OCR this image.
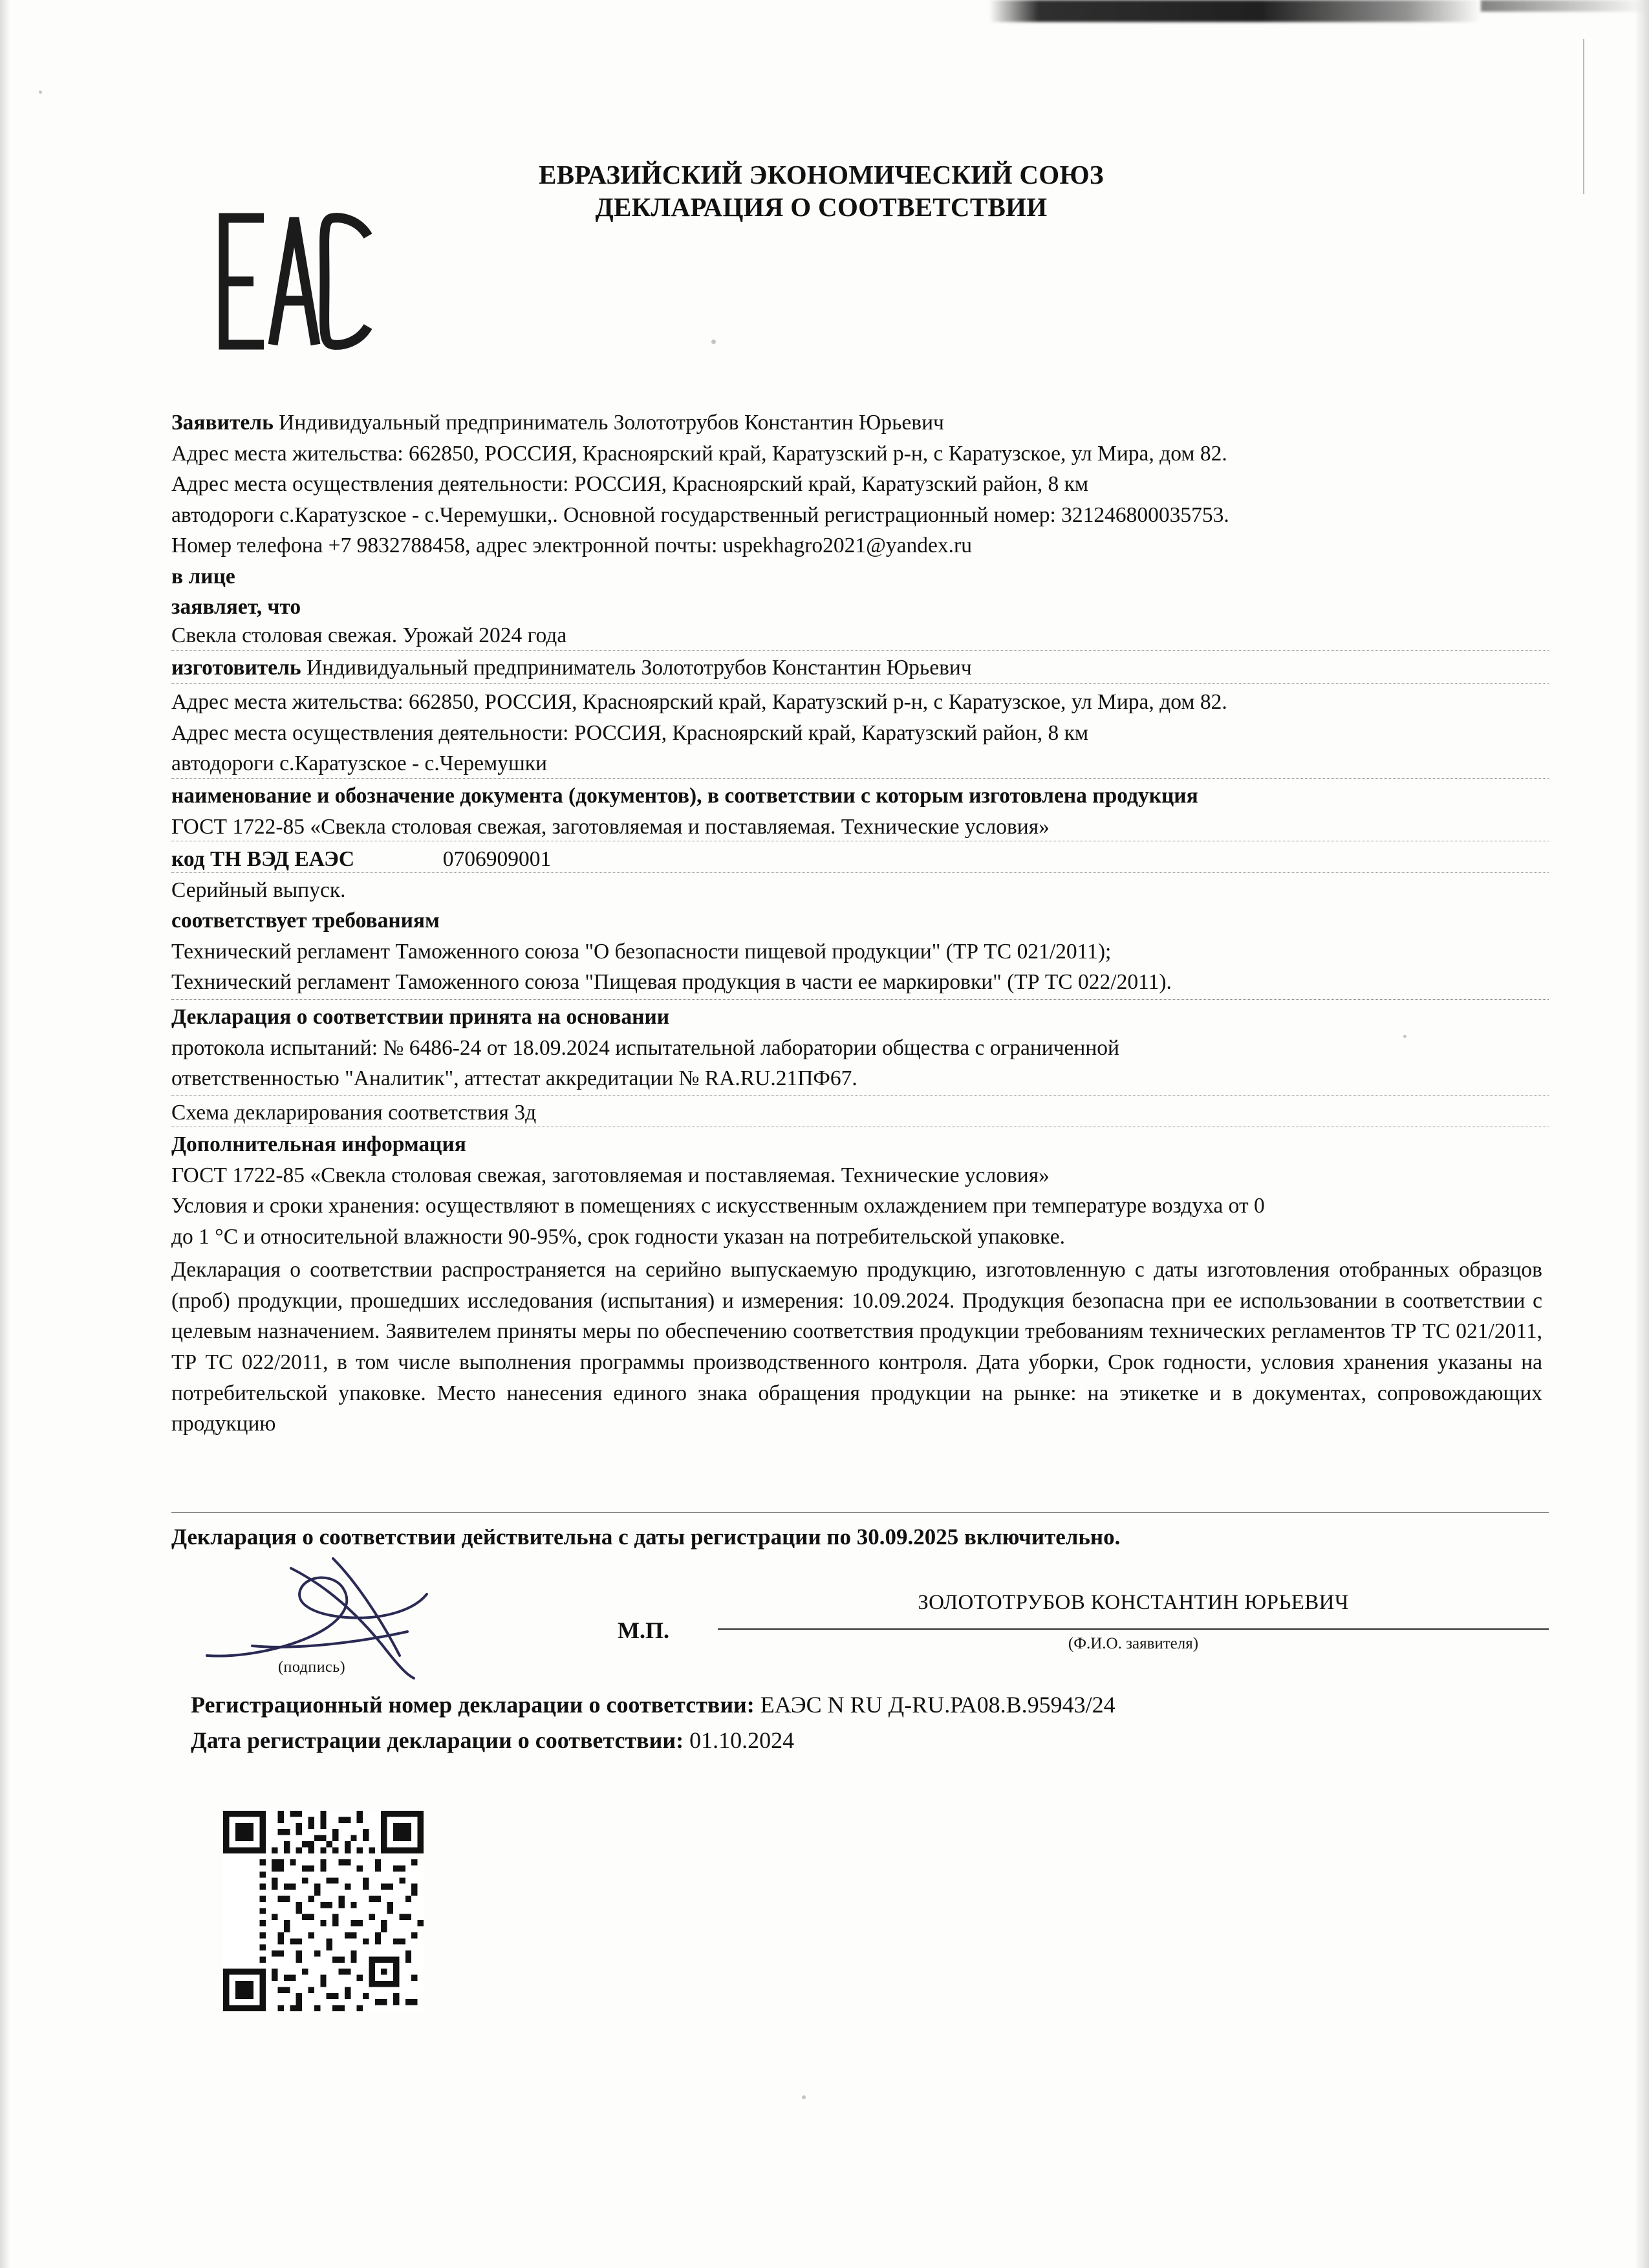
ЕВРАЗИЙСКИЙ ЭКОНОМИЧЕСКИЙ СОЮЗ
ДЕКЛАРАЦИЯ О СООТВЕТСТВИИ
Заявитель Индивидуальный предприниматель Золототрубов Константин Юрьевич
Адрес места жительства: 662850, РОССИЯ, Красноярский край, Каратузский р-н, с Каратузское, ул Мира, дом 82.
Адрес места осуществления деятельности: РОССИЯ, Красноярский край, Каратузский район, 8 км
автодороги с.Каратузское - с.Черемушки,. Основной государственный регистрационный номер: 321246800035753.
Номер телефона +7 9832788458, адрес электронной почты: uspekhagro2021@yandex.ru
в лице
заявляет, что
Свекла столовая свежая. Урожай 2024 года
изготовитель Индивидуальный предприниматель Золототрубов Константин Юрьевич
Адрес места жительства: 662850, РОССИЯ, Красноярский край, Каратузский р-н, с Каратузское, ул Мира, дом 82.
Адрес места осуществления деятельности: РОССИЯ, Красноярский край, Каратузский район, 8 км
автодороги с.Каратузское - с.Черемушки
наименование и обозначение документа (документов), в соответствии с которым изготовлена продукция
ГОСТ 1722-85 «Свекла столовая свежая, заготовляемая и поставляемая. Технические условия»
код ТН ВЭД ЕАЭС	0706909001
Серийный выпуск.
соответствует требованиям
Технический регламент Таможенного союза "О безопасности пищевой продукции" (ТР ТС 021/2011);
Технический регламент Таможенного союза "Пищевая продукция в части ее маркировки" (ТР ТС 022/2011).
Декларация о соответствии принята на основании
протокола испытаний: № 6486-24 от 18.09.2024 испытательной лаборатории общества с ограниченной
ответственностью "Аналитик", аттестат аккредитации № RA.RU.21ПФ67.
Схема декларирования соответствия 3д
Дополнительная информация
ГОСТ 1722-85 «Свекла столовая свежая, заготовляемая и поставляемая. Технические условия»
Условия и сроки хранения: осуществляют в помещениях с искусственным охлаждением при температуре воздуха от 0
до 1 °С и относительной влажности 90-95%, срок годности указан на потребительской упаковке.
Декларация о соответствии распространяется на серийно выпускаемую продукцию, изготовленную с даты изготовления отобранных образцов (проб) продукции, прошедших исследования (испытания) и измерения: 10.09.2024. Продукция безопасна при ее использовании в соответствии с целевым назначением. Заявителем приняты меры по обеспечению соответствия продукции требованиям технических регламентов ТР ТС 021/2011, ТР ТС 022/2011, в том числе выполнения программы производственного контроля. Дата уборки, Срок годности, условия хранения указаны на потребительской упаковке. Место нанесения единого знака обращения продукции на рынке: на этикетке и в документах, сопровождающих продукцию
Декларация о соответствии действительна с даты регистрации по 30.09.2025 включительно.
(подпись)
М.П.
ЗОЛОТОТРУБОВ КОНСТАНТИН ЮРЬЕВИЧ
(Ф.И.О. заявителя)
Регистрационный номер декларации о соответствии: ЕАЭС N RU Д-RU.РА08.В.95943/24
Дата регистрации декларации о соответствии: 01.10.2024
